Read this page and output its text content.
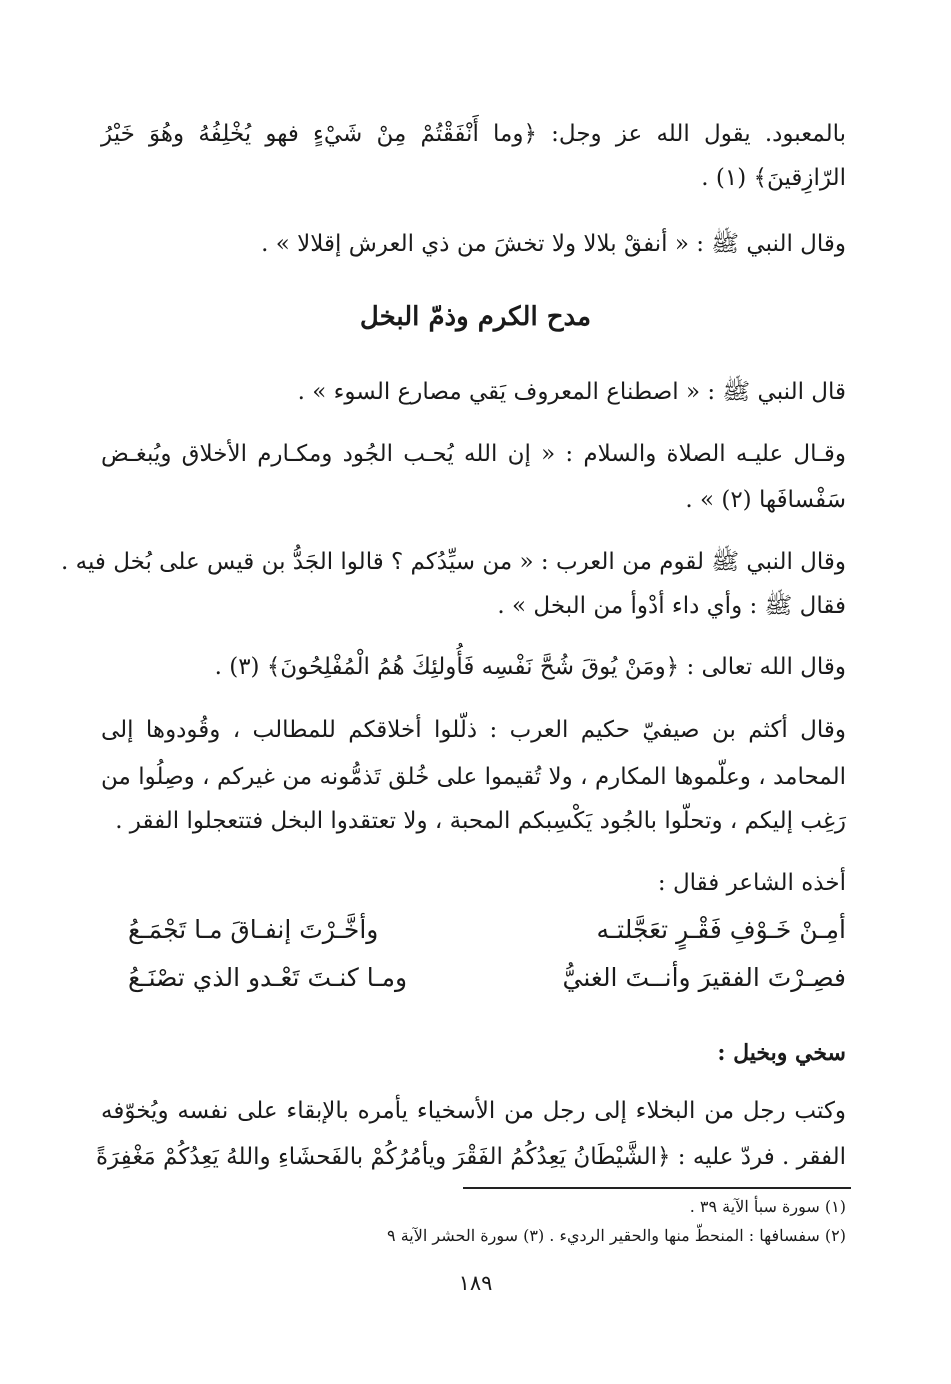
بالمعبود. يقول الله عز وجل: ﴿وما أَنْفَقْتُمْ مِنْ شَيْءٍ فهو يُخْلِفُهُ وهُوَ خَيْرُ
الرّازِقينَ﴾ (١) .
وقال النبي ﷺ : « أنفقْ بلالا ولا تخشَ من ذي العرش إقلالا » .
مدح الكرم وذمّ البخل
قال النبي ﷺ : « اصطناع المعروف يَقي مصارع السوء » .
وقـال عليـه الصلاة والسلام : « إن الله يُحـب الجُود ومكـارم الأخلاق ويُبغـض
سَفْسافَها (٢) » .
وقال النبي ﷺ لقوم من العرب : « من سيِّدُكم ؟ قالوا الجَدُّ بن قيس على بُخل فيه .
فقال ﷺ : وأي داء أدْوأ من البخل » .
وقال الله تعالى : ﴿ومَنْ يُوقَ شُحَّ نَفْسِه فَأُولئِكَ هُمُ الْمُفْلِحُونَ﴾ (٣) .
وقال أكثم بن صيفيّ حكيم العرب : ذلّلوا أخلاقكم للمطالب ، وقُودوها إلى
المحامد ، وعلّموها المكارم ، ولا تُقيموا على خُلق تَذمُّونه من غيركم ، وصِلُوا من
رَغِب إليكم ، وتحلّوا بالجُود يَكْسِبكم المحبة ، ولا تعتقدوا البخل فتتعجلوا الفقر .
أخذه الشاعر فقال :
أمِـنْ خَـوْفِ فَقْـرٍ تعَجَّلتـه
وأخَّـرْتَ إنفـاقَ مـا تَجْمَـعُ
فصِـرْتَ الفقيرَ وأنــتَ الغنيُّ
ومـا كنـتَ تَعْـدو الذي تصْنَـعُ
سخي وبخيل :
وكتب رجل من البخلاء إلى رجل من الأسخياء يأمره بالإبقاء على نفسه ويُخوّفه
الفقر . فردّ عليه : ﴿الشَّيْطَانُ يَعِدُكُمُ الفَقْرَ ويأمُرُكُمْ بالفَحشَاءِ واللهُ يَعِدُكُمْ مَغْفِرَةً
(١) سورة سبأ الآية ٣٩ .
(٢) سفسافها : المنحطّ منها والحقير الرديء . (٣) سورة الحشر الآية ٩
١٨٩
